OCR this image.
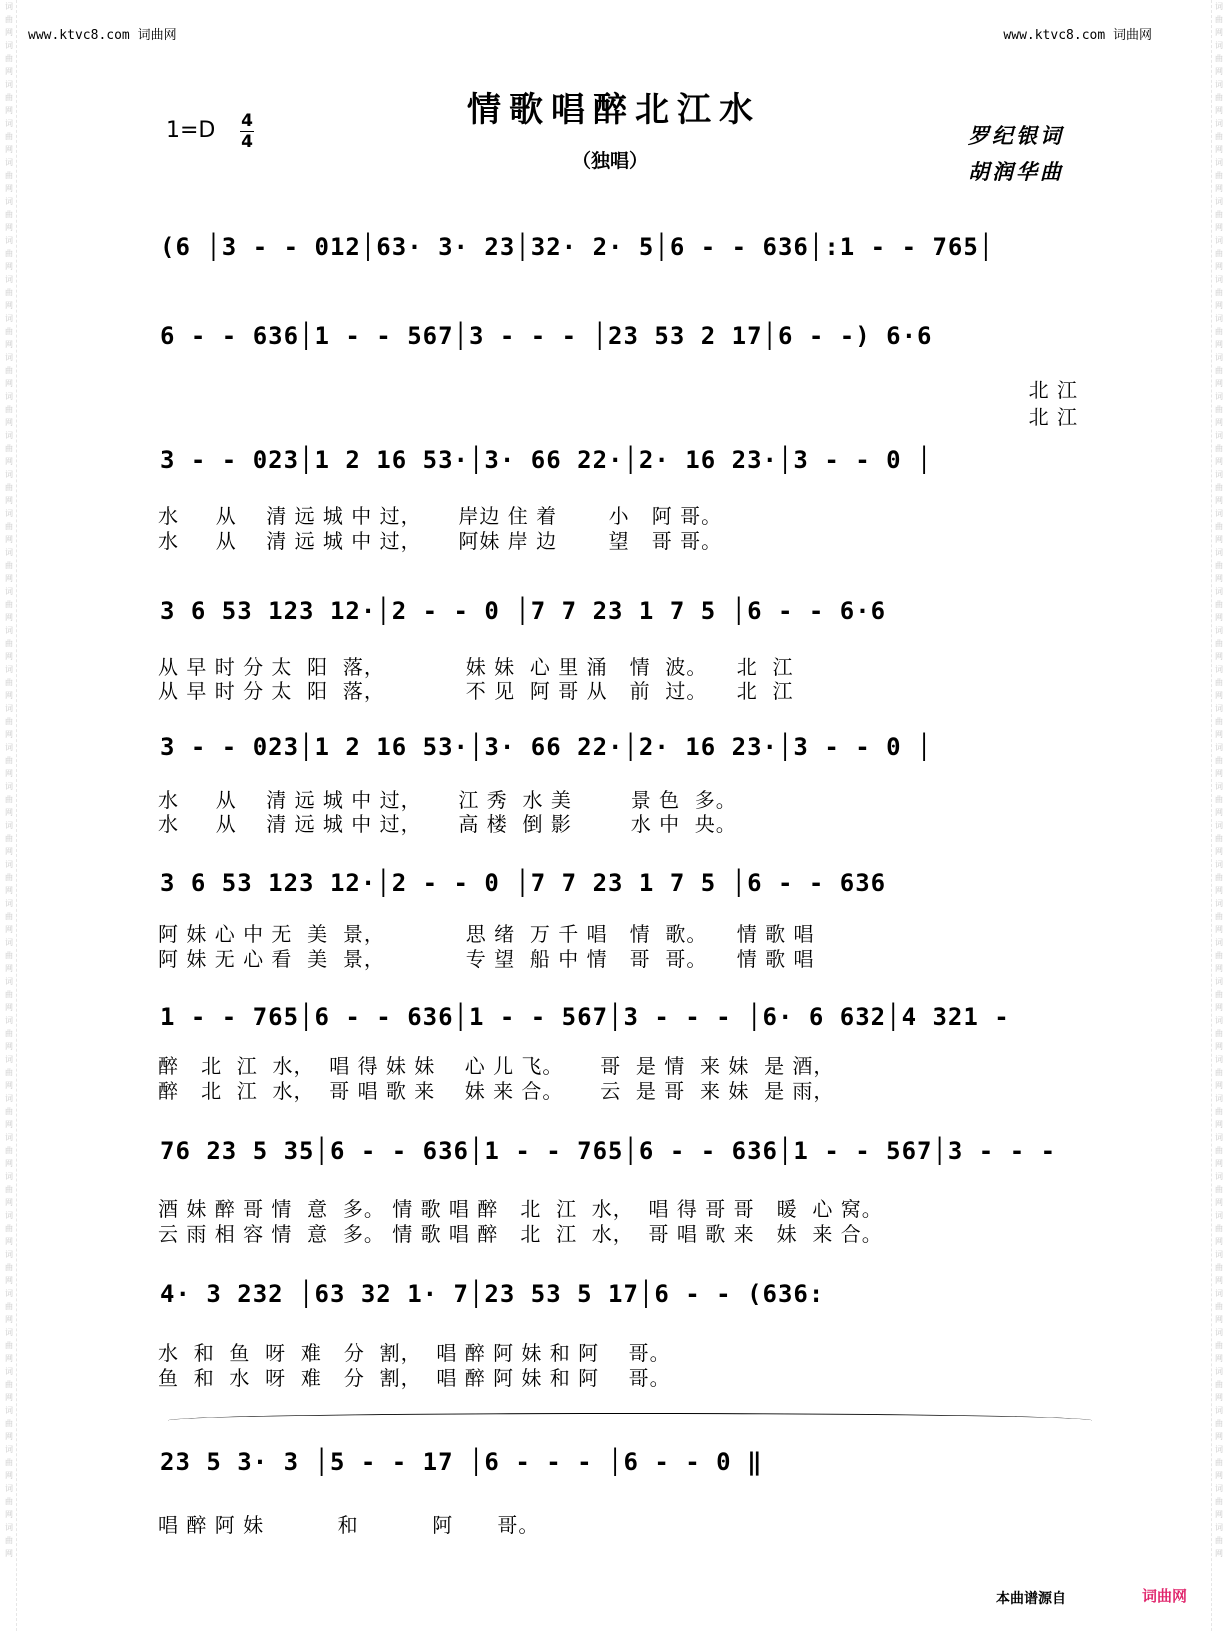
词
曲
网
词
曲
网
词
曲
网
词
曲
网
词
曲
网
词
曲
网
词
曲
网
词
曲
网
词
曲
网
词
曲
网
词
曲
网
词
曲
网
词
曲
网
词
曲
网
词
曲
网
词
曲
网
词
曲
网
词
曲
网
词
曲
网
词
曲
网
词
曲
网
词
曲
网
词
曲
网
词
曲
网
词
曲
网
词
曲
网
词
曲
网
词
曲
网
词
曲
网
词
曲
网
词
曲
网
词
曲
网
词
曲
网
词
曲
网
词
曲
网
词
曲
网
词
曲
网
词
曲
网
词
曲
网
词
曲
网
词
曲
网
词
曲
网
词
曲
网
词
曲
网
词
曲
网
词
曲
网
词
曲
网
词
曲
网
词
曲
网
词
曲
网
词
曲
网
词
曲
网
词
曲
网
词
曲
网
词
曲
网
词
曲
网
词
曲
网
词
曲
网
词
曲
网
词
曲
网
词
曲
网
词
曲
网
词
曲
网
词
曲
网
词
曲
网
词
曲
网
词
曲
网
词
曲
网
词
曲
网
词
曲
网
词
曲
网
词
曲
网
词
曲
网
词
曲
网
词
曲
网
词
曲
网
词
曲
网
词
曲
网
词
曲
网
词
曲
网
www.ktvc8.com 词曲网	www.ktvc8.com 词曲网
情歌唱醉北江水
（独唱）
1=D 4
4	罗纪银词
胡润华曲
(6 │3 - - 012│63· 3· 23│32· 2· 5│6 - - 636│:1 - - 765│
6 - - 636│1 - - 567│3 - - - │23 53 2 17│6 - -) 6·6
北 江
北 江
3 - - 023│1 2 16 53·│3· 66 22·│2· 16 23·│3 - - 0 │
水     从    清 远 城 中 过，     岸边 住 着       小   阿 哥。
水     从    清 远 城 中 过，     阿妹 岸 边       望   哥 哥。
3 6 53 123 12·│2 - - 0 │7 7 23 1 7 5 │6 - - 6·6
从 早 时 分 太  阳  落，           妹 妹  心 里 涌   情  波。    北  江
从 早 时 分 太  阳  落，           不 见  阿 哥 从   前  过。    北  江
3 - - 023│1 2 16 53·│3· 66 22·│2· 16 23·│3 - - 0 │
水     从    清 远 城 中 过，     江 秀  水 美        景 色  多。
水     从    清 远 城 中 过，     高 楼  倒 影        水 中  央。
3 6 53 123 12·│2 - - 0 │7 7 23 1 7 5 │6 - - 636
阿 妹 心 中 无  美  景，           思 绪  万 千 唱   情  歌。    情 歌 唱
阿 妹 无 心 看  美  景，           专 望  船 中 情   哥  哥。    情 歌 唱
1 - - 765│6 - - 636│1 - - 567│3 - - - │6· 6 632│4 321 -
醉   北  江  水，  唱 得 妹 妹    心 儿 飞。     哥  是 情  来 妹  是 酒，
醉   北  江  水，  哥 唱 歌 来    妹 来 合。     云  是 哥  来 妹  是 雨，
76 23 5 35│6 - - 636│1 - - 765│6 - - 636│1 - - 567│3 - - -
酒 妹 醉 哥 情  意  多。 情 歌 唱 醉   北  江  水，  唱 得 哥 哥   暖  心 窝。
云 雨 相 容 情  意  多。 情 歌 唱 醉   北  江  水，  哥 唱 歌 来   妹  来 合。
4· 3 232 │63 32 1· 7│23 53 5 17│6 - - (636:
水  和  鱼  呀  难   分  割，  唱 醉 阿 妹 和 阿    哥。
鱼  和  水  呀  难   分  割，  唱 醉 阿 妹 和 阿    哥。
23 5 3· 3 │5 - - 17 │6 - - - │6 - - 0 ‖
唱 醉 阿 妹          和          阿      哥。
本曲谱源自	词曲网
